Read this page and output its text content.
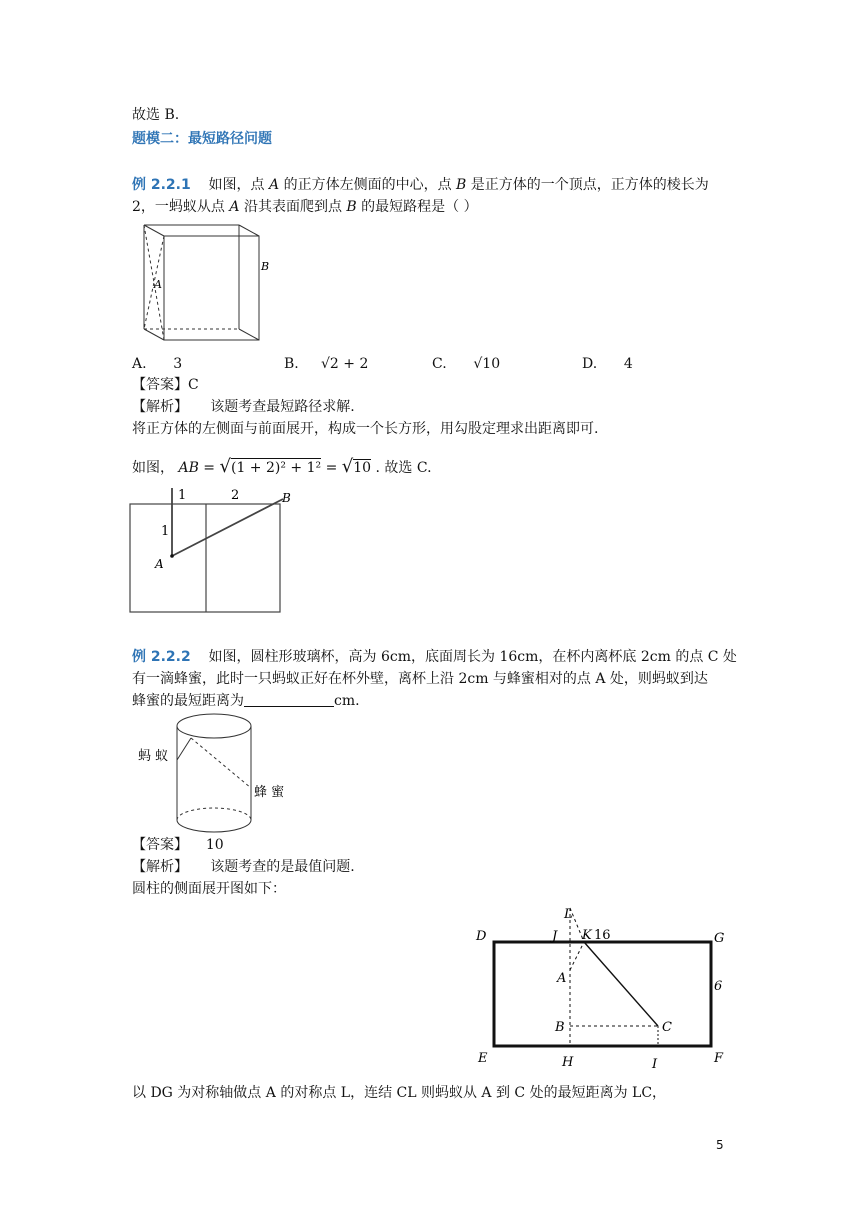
故选 B.
题模二：最短路径问题
例 2.2.1 如图，点 A 的正方体左侧面的中心，点 B 是正方体的一个顶点，正方体的棱长为
2，一蚂蚁从点 A 沿其表面爬到点 B 的最短路程是（ ）
A
B
A. 3	B. √2 + 2	C. √10	D. 4
【答案】C
【解析】 该题考查最短路径求解.
将正方体的左侧面与前面展开，构成一个长方形，用勾股定理求出距离即可.
如图， AB = √(1 + 2)² + 1² = √10 . 故选 C.
1	2
1
A
B
例 2.2.2 如图，圆柱形玻璃杯，高为 6cm，底面周长为 16cm，在杯内离杯底 2cm 的点 C 处
有一滴蜂蜜，此时一只蚂蚁正好在杯外壁，离杯上沿 2cm 与蜂蜜相对的点 A 处，则蚂蚁到达
蜂蜜的最短距离为	cm.
蚂 蚁
蜂 蜜
【答案】 10
【解析】 该题考查的是最值问题.
圆柱的侧面展开图如下：
L
D	J K	G
A
B	C
E	H	I	F
16
6
以 DG 为对称轴做点 A 的对称点 L，连结 CL 则蚂蚁从 A 到 C 处的最短距离为 LC，
5
